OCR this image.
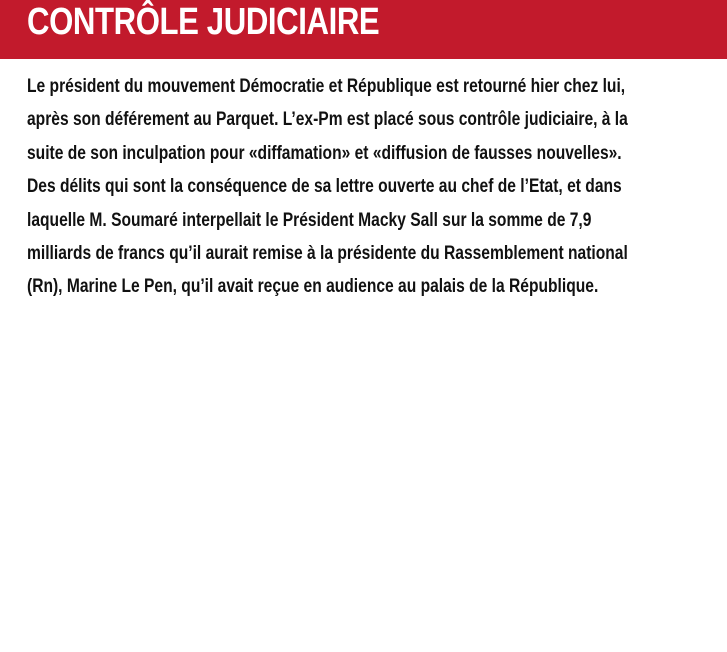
CONTRÔLE JUDICIAIRE
Le président du mouvement Démocratie et République est retourné hier chez lui,
après son déférement au Parquet. L’ex-Pm est placé sous contrôle judiciaire, à la
suite de son inculpation pour «diffamation» et «diffusion de fausses nouvelles».
Des délits qui sont la conséquence de sa lettre ouverte au chef de l’Etat, et dans
laquelle M. Soumaré interpellait le Président Macky Sall sur la somme de 7,9
milliards de francs qu’il aurait remise à la présidente du Rassemblement national
(Rn), Marine Le Pen, qu’il avait reçue en audience au palais de la République.
